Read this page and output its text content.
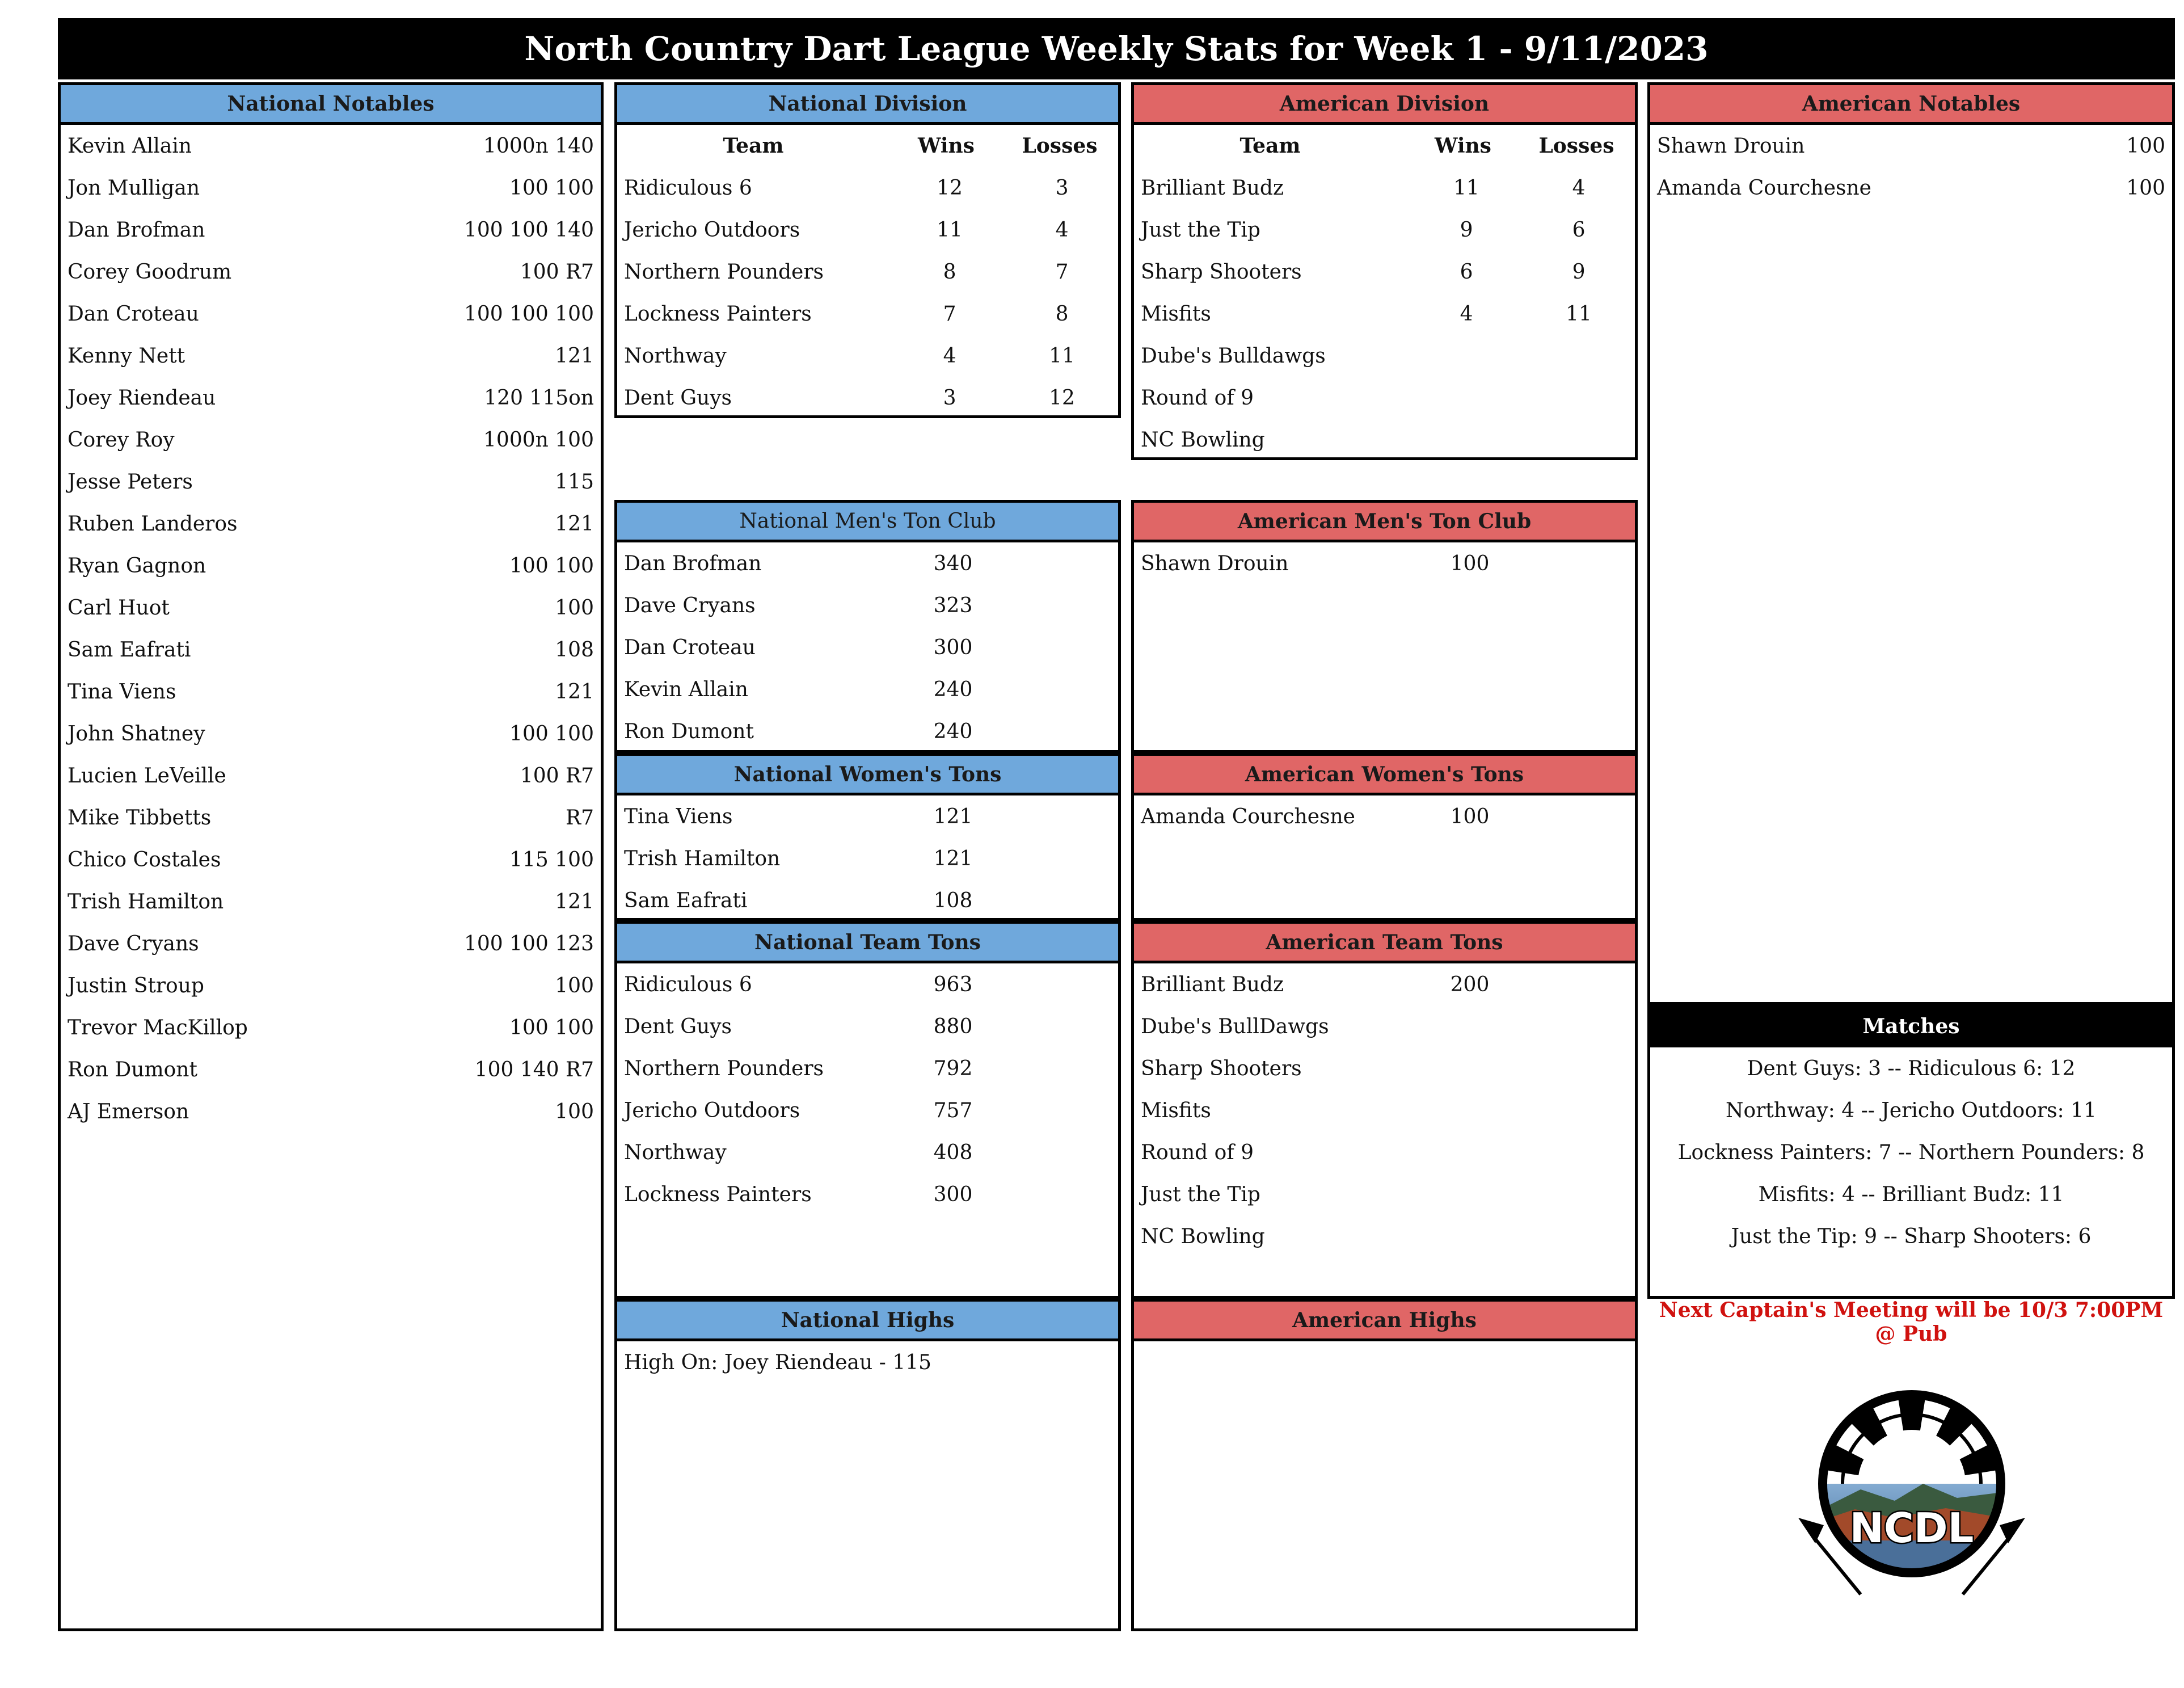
North Country Dart League Weekly Stats for Week 1 - 9/11/2023
National Notables
Kevin Allain	1000n 140
Jon Mulligan	100 100
Dan Brofman	100 100 140
Corey Goodrum	100 R7
Dan Croteau	100 100 100
Kenny Nett	121
Joey Riendeau	120 115on
Corey Roy	1000n 100
Jesse Peters	115
Ruben Landeros	121
Ryan Gagnon	100 100
Carl Huot	100
Sam Eafrati	108
Tina Viens	121
John Shatney	100 100
Lucien LeVeille	100 R7
Mike Tibbetts	R7
Chico Costales	115 100
Trish Hamilton	121
Dave Cryans	100 100 123
Justin Stroup	100
Trevor MacKillop	100 100
Ron Dumont	100 140 R7
AJ Emerson	100
National Division
Team	Wins	Losses
Ridiculous 6	12	3
Jericho Outdoors	11	4
Northern Pounders	8	7
Lockness Painters	7	8
Northway	4	11
Dent Guys	3	12
American Division
Team	Wins	Losses
Brilliant Budz	11	4
Just the Tip	9	6
Sharp Shooters	6	9
Misfits	4	11
Dube's Bulldawgs
Round of 9
NC Bowling
American Notables
Shawn Drouin	100
Amanda Courchesne	100
National Men's Ton Club
Dan Brofman	340
Dave Cryans	323
Dan Croteau	300
Kevin Allain	240
Ron Dumont	240
American Men's Ton Club
Shawn Drouin	100
National Women's Tons
Tina Viens	121
Trish Hamilton	121
Sam Eafrati	108
American Women's Tons
Amanda Courchesne	100
National Team Tons
Ridiculous 6	963
Dent Guys	880
Northern Pounders	792
Jericho Outdoors	757
Northway	408
Lockness Painters	300
American Team Tons
Brilliant Budz	200
Dube's BullDawgs
Sharp Shooters
Misfits
Round of 9
Just the Tip
NC Bowling
Matches
Dent Guys: 3 -- Ridiculous 6: 12
Northway: 4 -- Jericho Outdoors: 11
Lockness Painters: 7 -- Northern Pounders: 8
Misfits: 4 -- Brilliant Budz: 11
Just the Tip: 9 -- Sharp Shooters: 6
National Highs
High On: Joey Riendeau - 115
American Highs	Next Captain's Meeting will be 10/3 7:00PM @ Pub
NCDL
